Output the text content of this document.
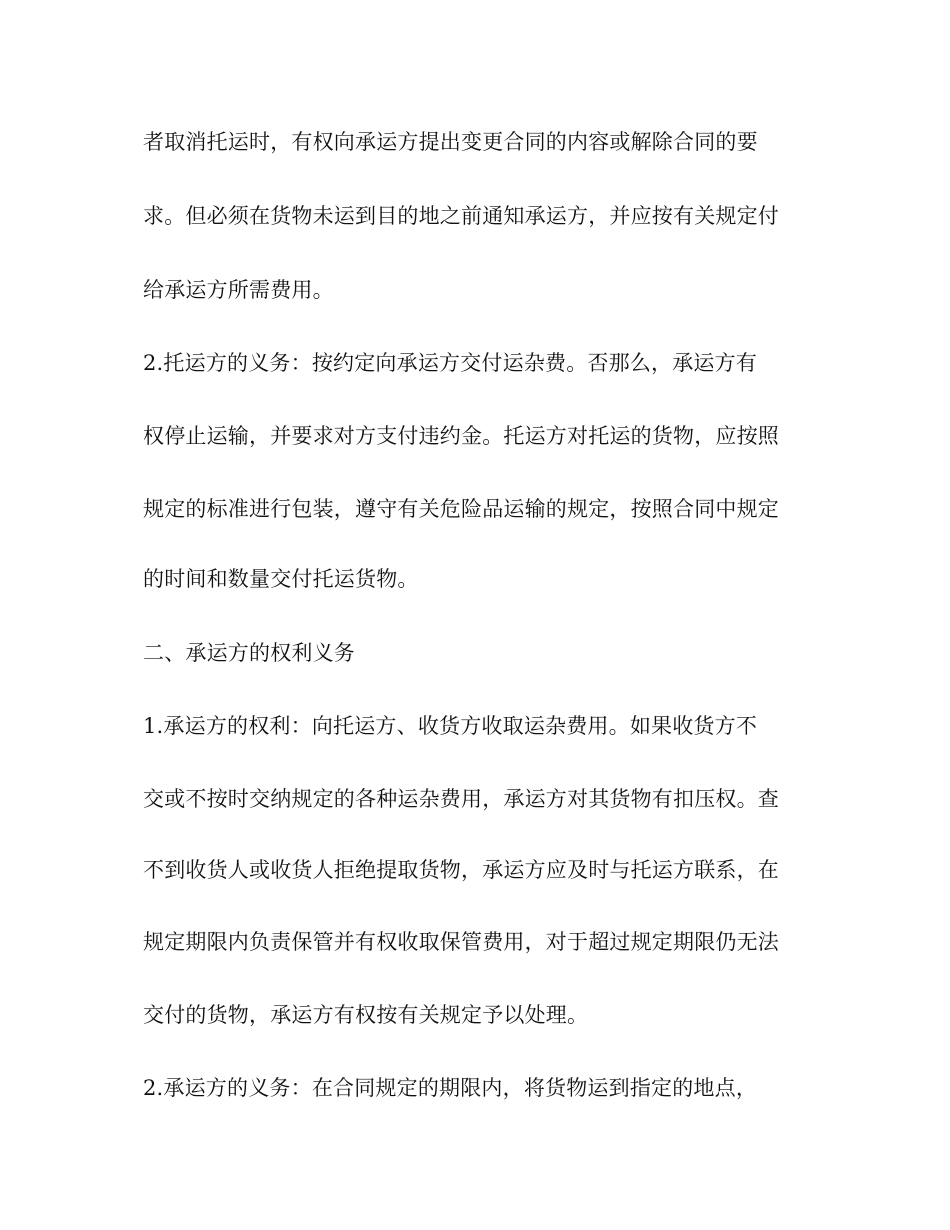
者取消托运时，有权向承运方提出变更合同的内容或解除合同的要
求。但必须在货物未运到目的地之前通知承运方，并应按有关规定付
给承运方所需费用。
2.托运方的义务：按约定向承运方交付运杂费。否那么，承运方有
权停止运输，并要求对方支付违约金。托运方对托运的货物，应按照
规定的标准进行包装，遵守有关危险品运输的规定，按照合同中规定
的时间和数量交付托运货物。
二、承运方的权利义务
1.承运方的权利：向托运方、收货方收取运杂费用。如果收货方不
交或不按时交纳规定的各种运杂费用，承运方对其货物有扣压权。查
不到收货人或收货人拒绝提取货物，承运方应及时与托运方联系，在
规定期限内负责保管并有权收取保管费用，对于超过规定期限仍无法
交付的货物，承运方有权按有关规定予以处理。
2.承运方的义务：在合同规定的期限内，将货物运到指定的地点，
